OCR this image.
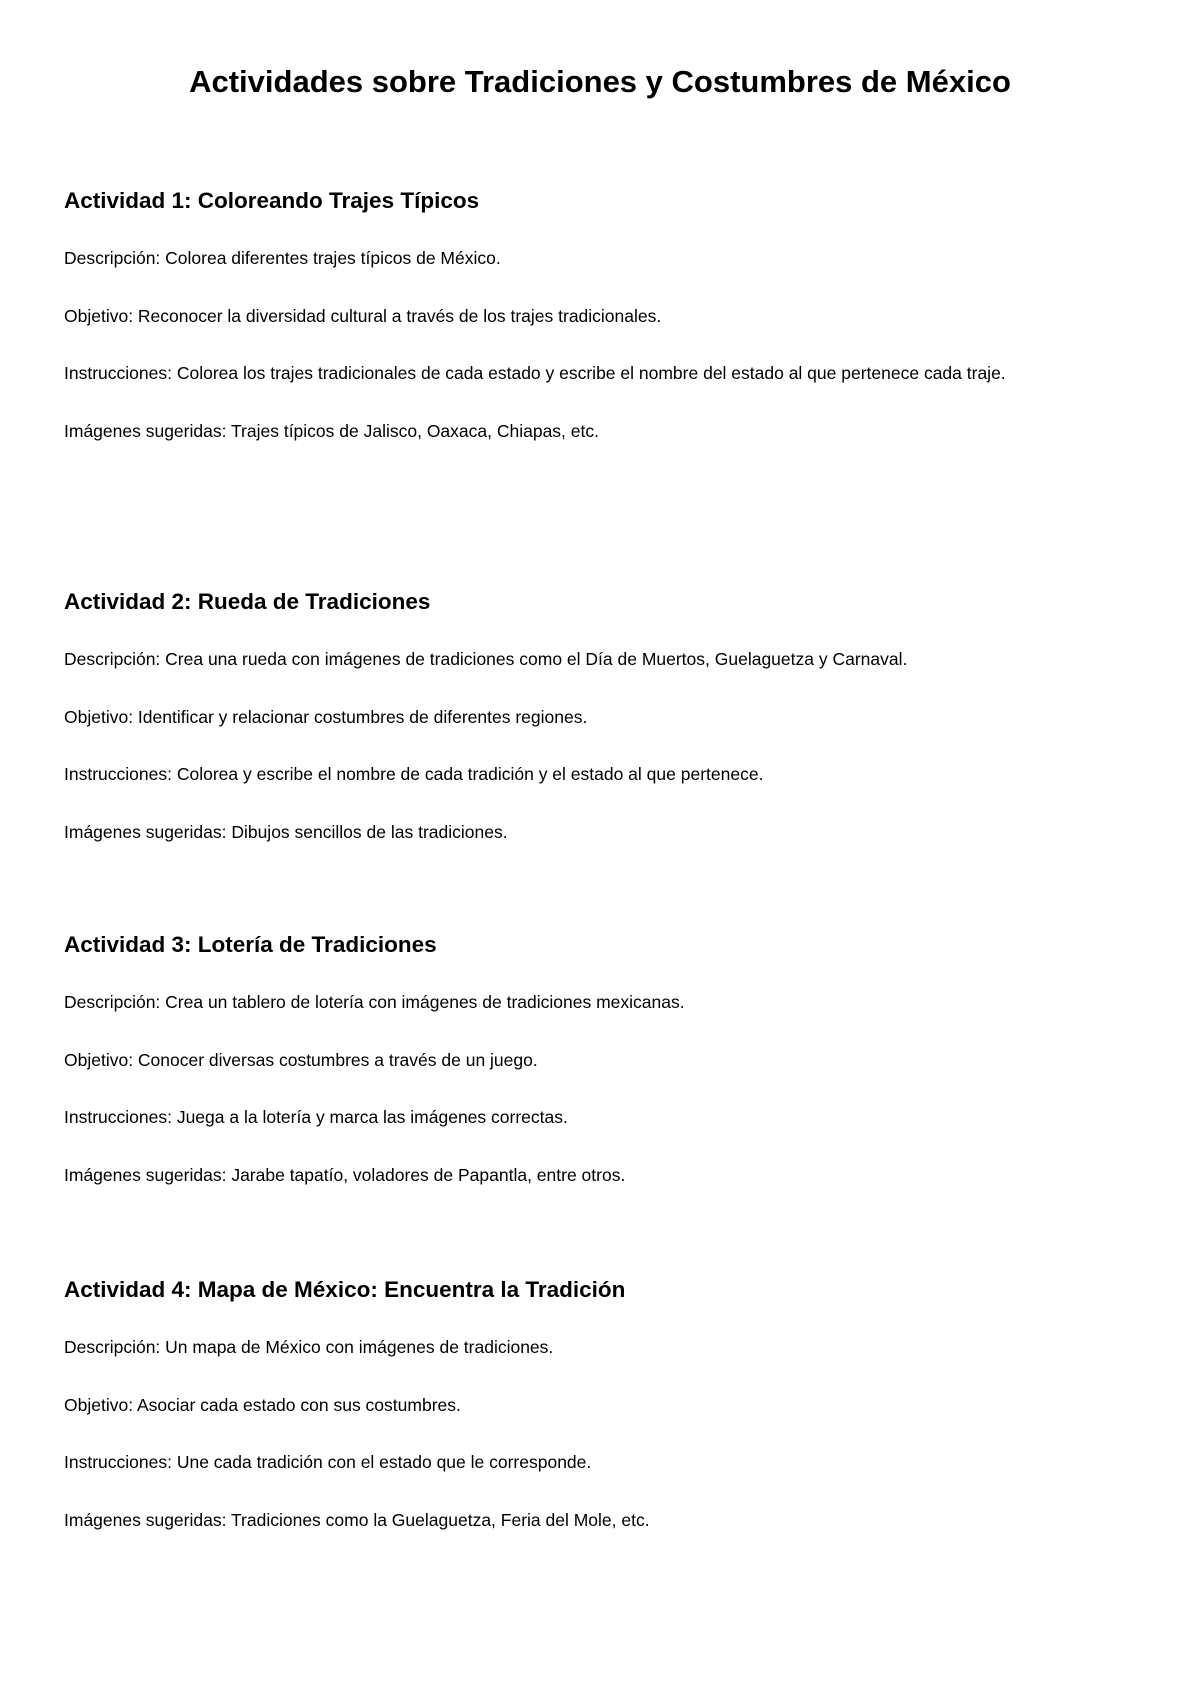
Actividades sobre Tradiciones y Costumbres de México
Actividad 1: Coloreando Trajes Típicos

Descripción: Colorea diferentes trajes típicos de México.

Objetivo: Reconocer la diversidad cultural a través de los trajes tradicionales.

Instrucciones: Colorea los trajes tradicionales de cada estado y escribe el nombre del estado al que pertenece cada traje.

Imágenes sugeridas: Trajes típicos de Jalisco, Oaxaca, Chiapas, etc.

Actividad 2: Rueda de Tradiciones

Descripción: Crea una rueda con imágenes de tradiciones como el Día de Muertos, Guelaguetza y Carnaval.

Objetivo: Identificar y relacionar costumbres de diferentes regiones.

Instrucciones: Colorea y escribe el nombre de cada tradición y el estado al que pertenece.

Imágenes sugeridas: Dibujos sencillos de las tradiciones.

Actividad 3: Lotería de Tradiciones

Descripción: Crea un tablero de lotería con imágenes de tradiciones mexicanas.

Objetivo: Conocer diversas costumbres a través de un juego.

Instrucciones: Juega a la lotería y marca las imágenes correctas.

Imágenes sugeridas: Jarabe tapatío, voladores de Papantla, entre otros.

Actividad 4: Mapa de México: Encuentra la Tradición

Descripción: Un mapa de México con imágenes de tradiciones.

Objetivo: Asociar cada estado con sus costumbres.

Instrucciones: Une cada tradición con el estado que le corresponde.

Imágenes sugeridas: Tradiciones como la Guelaguetza, Feria del Mole, etc.
